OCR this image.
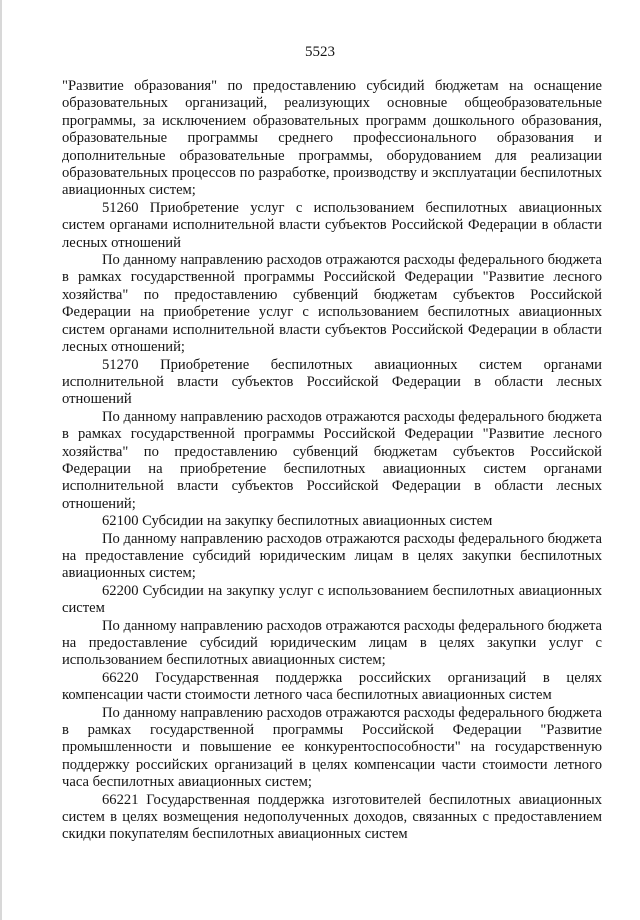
5523

"Развитие образования" по предоставлению субсидий бюджетам на оснащение образовательных организаций, реализующих основные общеобразовательные программы, за исключением образовательных программ дошкольного образования, образовательные программы среднего профессионального образования и дополнительные образовательные программы, оборудованием для реализации образовательных процессов по разработке, производству и эксплуатации беспилотных авиационных систем;

51260 Приобретение услуг с использованием беспилотных авиационных систем органами исполнительной власти субъектов Российской Федерации в области лесных отношений

По данному направлению расходов отражаются расходы федерального бюджета в рамках государственной программы Российской Федерации "Развитие лесного хозяйства" по предоставлению субвенций бюджетам субъектов Российской Федерации на приобретение услуг с использованием беспилотных авиационных систем органами исполнительной власти субъектов Российской Федерации в области лесных отношений;

51270 Приобретение беспилотных авиационных систем органами исполнительной власти субъектов Российской Федерации в области лесных отношений

По данному направлению расходов отражаются расходы федерального бюджета в рамках государственной программы Российской Федерации "Развитие лесного хозяйства" по предоставлению субвенций бюджетам субъектов Российской Федерации на приобретение беспилотных авиационных систем органами исполнительной власти субъектов Российской Федерации в области лесных отношений;

62100 Субсидии на закупку беспилотных авиационных систем

По данному направлению расходов отражаются расходы федерального бюджета на предоставление субсидий юридическим лицам в целях закупки беспилотных авиационных систем;

62200 Субсидии на закупку услуг с использованием беспилотных авиационных систем

По данному направлению расходов отражаются расходы федерального бюджета на предоставление субсидий юридическим лицам в целях закупки услуг с использованием беспилотных авиационных систем;

66220 Государственная поддержка российских организаций в целях компенсации части стоимости летного часа беспилотных авиационных систем

По данному направлению расходов отражаются расходы федерального бюджета в рамках государственной программы Российской Федерации "Развитие промышленности и повышение ее конкурентоспособности" на государственную поддержку российских организаций в целях компенсации части стоимости летного часа беспилотных авиационных систем;

66221 Государственная поддержка изготовителей беспилотных авиационных систем в целях возмещения недополученных доходов, связанных с предоставлением скидки покупателям беспилотных авиационных систем
